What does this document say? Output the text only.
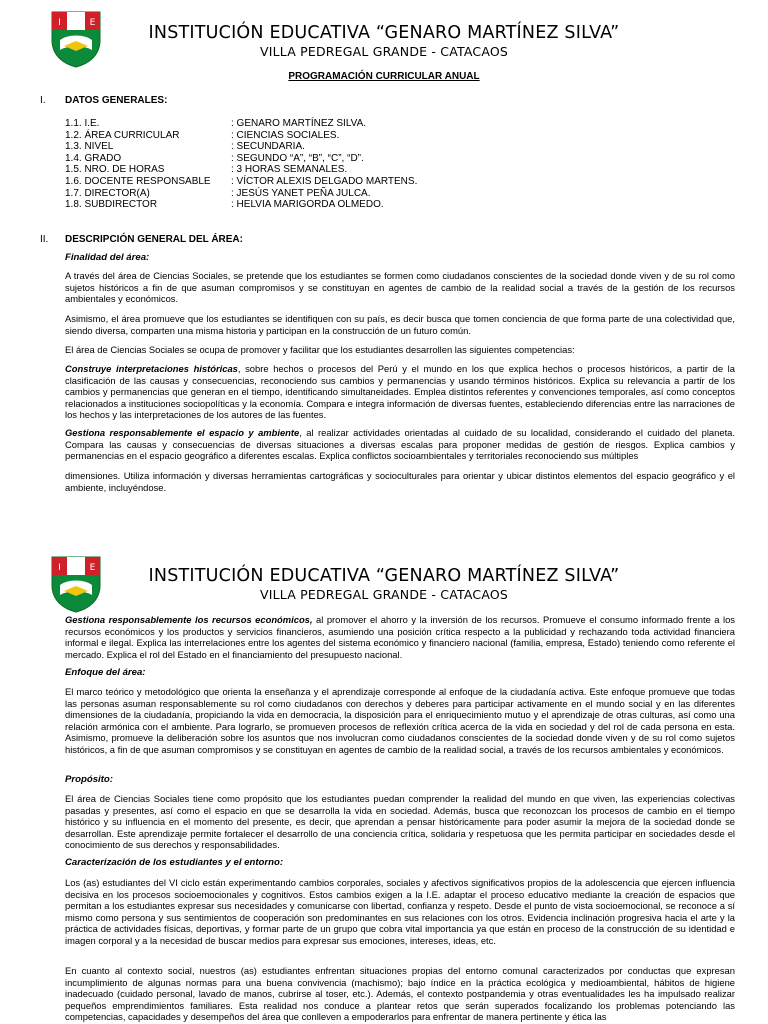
I	E	INSTITUCIÓN EDUCATIVA “GENARO MARTÍNEZ SILVA”
VILLA PEDREGAL GRANDE - CATACAOS
PROGRAMACIÓN CURRICULAR ANUAL
I. DATOS GENERALES:
1.1. I.E.	: GENARO MARTÍNEZ SILVA.
1.2. ÁREA CURRICULAR	: CIENCIAS SOCIALES.
1.3. NIVEL	: SECUNDARIA.
1.4. GRADO	: SEGUNDO “A”, “B”, “C”, “D”.
1.5. NRO. DE HORAS	: 3 HORAS SEMANALES.
1.6. DOCENTE RESPONSABLE	: VÍCTOR ALEXIS DELGADO MARTENS.
1.7. DIRECTOR(A)	: JESÚS YANET PEÑA JULCA.
1.8. SUBDIRECTOR	: HELVIA MARIGORDA OLMEDO.
II. DESCRIPCIÓN GENERAL DEL ÁREA:
Finalidad del área:
A través del área de Ciencias Sociales, se pretende que los estudiantes se formen como ciudadanos conscientes de la sociedad donde viven y de su rol como sujetos históricos a fin de que asuman compromisos y se constituyan en agentes de cambio de la realidad social a través de la gestión de los recursos ambientales y económicos.
Asimismo, el área promueve que los estudiantes se identifiquen con su país, es decir busca que tomen conciencia de que forma parte de una colectividad que, siendo diversa, comparten una misma historia y participan en la construcción de un futuro común.
El área de Ciencias Sociales se ocupa de promover y facilitar que los estudiantes desarrollen las siguientes competencias:
Construye interpretaciones históricas, sobre hechos o procesos del Perú y el mundo en los que explica hechos o procesos históricos, a partir de la clasificación de las causas y consecuencias, reconociendo sus cambios y permanencias y usando términos históricos. Explica su relevancia a partir de los cambios y permanencias que generan en el tiempo, identificando simultaneidades. Emplea distintos referentes y convenciones temporales, así como conceptos relacionados a instituciones sociopolíticas y la economía. Compara e integra información de diversas fuentes, estableciendo diferencias entre las narraciones de los hechos y las interpretaciones de los autores de las fuentes.
Gestiona responsablemente el espacio y ambiente, al realizar actividades orientadas al cuidado de su localidad, considerando el cuidado del planeta. Compara las causas y consecuencias de diversas situaciones a diversas escalas para proponer medidas de gestión de riesgos. Explica cambios y permanencias en el espacio geográfico a diferentes escalas. Explica conflictos socioambientales y territoriales reconociendo sus múltiples
dimensiones. Utiliza información y diversas herramientas cartográficas y socioculturales para orientar y ubicar distintos elementos del espacio geográfico y el ambiente, incluyéndose.
I	E	INSTITUCIÓN EDUCATIVA “GENARO MARTÍNEZ SILVA”
VILLA PEDREGAL GRANDE - CATACAOS
Gestiona responsablemente los recursos económicos, al promover el ahorro y la inversión de los recursos. Promueve el consumo informado frente a los recursos económicos y los productos y servicios financieros, asumiendo una posición crítica respecto a la publicidad y rechazando toda actividad financiera informal e ilegal. Explica las interrelaciones entre los agentes del sistema económico y financiero nacional (familia, empresa, Estado) teniendo como referente el mercado. Explica el rol del Estado en el financiamiento del presupuesto nacional.
Enfoque del área:
El marco teórico y metodológico que orienta la enseñanza y el aprendizaje corresponde al enfoque de la ciudadanía activa. Este enfoque promueve que todas las personas asuman responsablemente su rol como ciudadanos con derechos y deberes para participar activamente en el mundo social y en las diferentes dimensiones de la ciudadanía, propiciando la vida en democracia, la disposición para el enriquecimiento mutuo y el aprendizaje de otras culturas, así como una relación armónica con el ambiente. Para lograrlo, se promueven procesos de reflexión crítica acerca de la vida en sociedad y del rol de cada persona en esta. Asimismo, promueve la deliberación sobre los asuntos que nos involucran como ciudadanos conscientes de la sociedad donde viven y de su rol como sujetos históricos, a fin de que asuman compromisos y se constituyan en agentes de cambio de la realidad social, a través de los recursos ambientales y económicos.
Propósito:
El área de Ciencias Sociales tiene como propósito que los estudiantes puedan comprender la realidad del mundo en que viven, las experiencias colectivas pasadas y presentes, así como el espacio en que se desarrolla la vida en sociedad. Además, busca que reconozcan los procesos de cambio en el tiempo histórico y su influencia en el momento del presente, es decir, que aprendan a pensar históricamente para poder asumir la mejora de la sociedad donde se desarrollan. Este aprendizaje permite fortalecer el desarrollo de una conciencia crítica, solidaria y respetuosa que les permita participar en sociedades desde el conocimiento de sus derechos y responsabilidades.
Caracterización de los estudiantes y el entorno:
Los (as) estudiantes del VI ciclo están experimentando cambios corporales, sociales y afectivos significativos propios de la adolescencia que ejercen influencia decisiva en los procesos socioemocionales y cognitivos. Estos cambios exigen a la I.E. adaptar el proceso educativo mediante la creación de espacios que permitan a los estudiantes expresar sus necesidades y comunicarse con libertad, confianza y respeto. Desde el punto de vista socioemocional, se reconoce a sí mismo como persona y sus sentimientos de cooperación son predominantes en sus relaciones con los otros. Evidencia inclinación progresiva hacia el arte y la práctica de actividades físicas, deportivas, y formar parte de un grupo que cobra vital importancia ya que están en proceso de la construcción de su identidad e imagen corporal y a la necesidad de buscar medios para expresar sus emociones, intereses, ideas, etc.
En cuanto al contexto social, nuestros (as) estudiantes enfrentan situaciones propias del entorno comunal caracterizados por conductas que expresan incumplimiento de algunas normas para una buena convivencia (machismo); bajo índice en la práctica ecológica y medioambiental, hábitos de higiene inadecuado (cuidado personal, lavado de manos, cubrirse al toser, etc.). Además, el contexto postpandemia y otras eventualidades les ha impulsado realizar pequeños emprendimientos familiares. Esta realidad nos conduce a plantear retos que serán superados focalizando los problemas potenciando las competencias, capacidades y desempeños del área que conlleven a empoderarlos para enfrentar de manera pertinente y ética las
